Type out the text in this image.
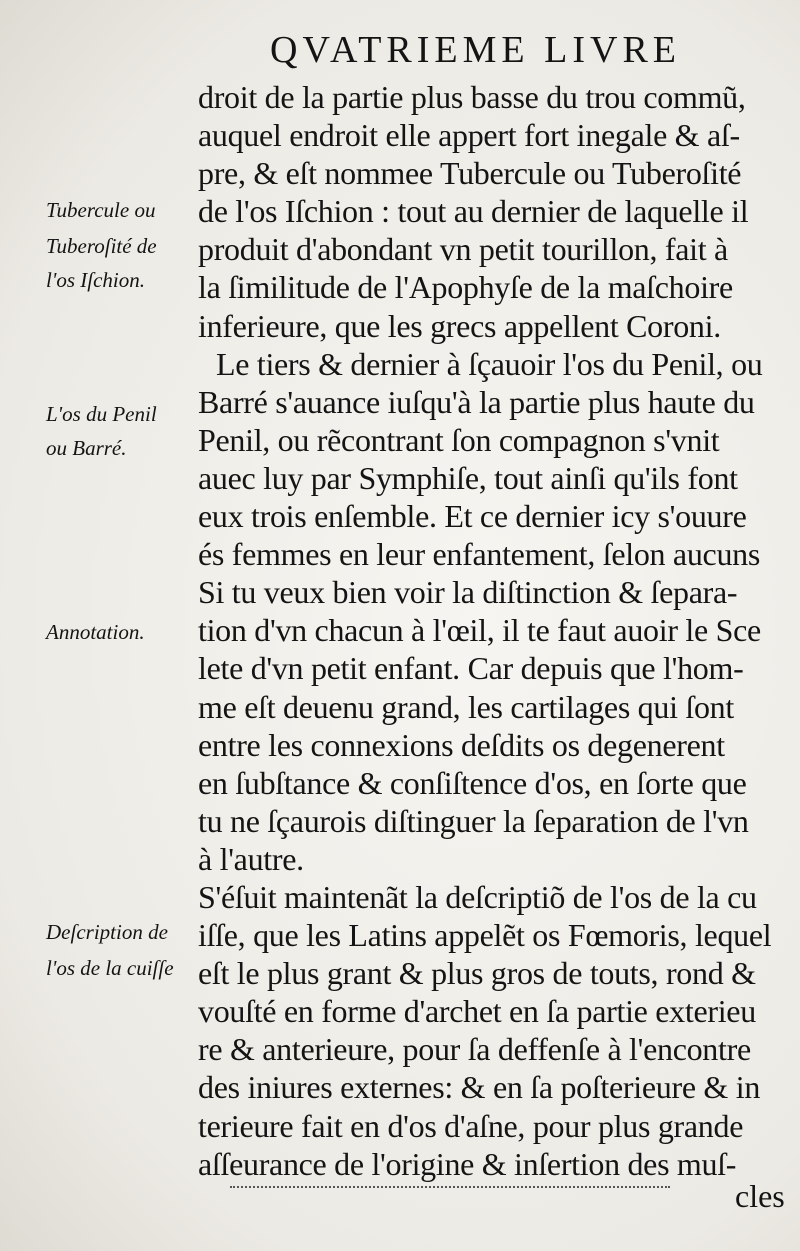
QVATRIEME LIVRE
droit de la partie plus basse du trou commũ,
auquel endroit elle appert fort inegale & aſ-
pre, & eſt nommee Tubercule ou Tuberoſité
de l'os Iſchion : tout au dernier de laquelle il
produit d'abondant vn petit tourillon, fait à
la ſimilitude de l'Apophyſe de la maſchoire
inferieure, que les grecs appellent Coroni.
Le tiers & dernier à ſçauoir l'os du Penil, ou
Barré s'auance iuſqu'à la partie plus haute du
Penil, ou rẽcontrant ſon compagnon s'vnit
auec luy par Symphiſe, tout ainſi qu'ils font
eux trois enſemble. Et ce dernier icy s'ouure
és femmes en leur enfantement, ſelon aucuns
Si tu veux bien voir la diſtinction & ſepara-
tion d'vn chacun à l'œil, il te faut auoir le Sce
lete d'vn petit enfant. Car depuis que l'hom-
me eſt deuenu grand, les cartilages qui ſont
entre les connexions deſdits os degenerent
en ſubſtance & conſiſtence d'os, en ſorte que
tu ne ſçaurois diſtinguer la ſeparation de l'vn
à l'autre.
S'éſuit maintenãt la deſcriptiõ de l'os de la cu
iſſe, que les Latins appelẽt os Fœmoris, lequel
eſt le plus grant & plus gros de touts, rond &
vouſté en forme d'archet en ſa partie exterieu
re & anterieure, pour ſa deffenſe à l'encontre
des iniures externes: & en ſa poſterieure & in
terieure fait en d'os d'aſne, pour plus grande
aſſeurance de l'origine & inſertion des muſ-
Tubercule ou
Tuberoſité de
l'os Iſchion.
L'os du Penil
ou Barré.
Annotation.
Deſcription de
l'os de la cuiſſe
cles
